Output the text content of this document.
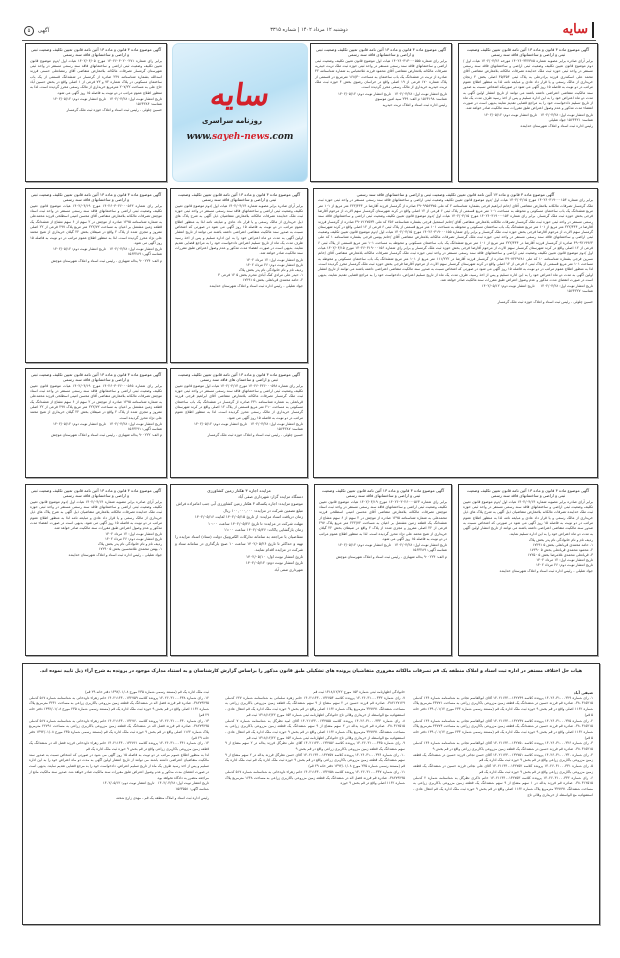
سایه
دوشنبه ۱۲ مرداد ۱۴۰۲ | شماره ۳۳۱۵
آگهی ۵
آگهی موضوع ماده ۳ قانون و ماده ۱۳ آئین نامه قانون تعیین تکلیف وضعیت ثبتی و اراضی و ساختمانهای فاقد سند رسمی
برابر آرای صادره برابر مصوبه شماره ۱۴۰۲۶۰۳۲۲۳۸۵ مورخه ۱۴۰۲/۰۴/۲۶ هیات اول /دوم موضوع قانون تعیین تکلیف وضعیت ثبتی اراضی و ساختمانهای فاقد سند رسمی مستقر در واحد ثبتی حوزه ثبت ملک خداینده تصرفات مالکانه بلامعارض متقاضی آقای محمد علی اسکندری فرزند برادرعلی به پلاک ثبتی ۳۵/۳۵۴ اصلی بخش ۴ زنجان خریداری از مالک رسمی و یا قرار داد عادی و مبایعه نامه لذا به منظور اطلاع عموم مراتب در دو نوبت به فاصله ۱۵ روز آگهی می شود در صورتیکه اشخاص نسبت به صدور سند مالکیت متقاضی اعتراضی داشته باشند می توانند از تاریخ انتشار اولین آگهی به مدت دو ماه اعتراض خود را به این اداره تسلیم و پس از اخذ رسید ظرف مدت یک ماه از تاریخ تسلیم دادخواست خود را به مراجع قضایی تقدیم نمایند بدیهی است در صورت انقضاء مدت مذکور و عدم وصول اعتراض طبق مقررات سند مالکیت صادر خواهد شد.
تاریخ انتشار نوبت اول: ۱۴۰۲/۰۴/۲۸   تاریخ انتشار نوبت دوم: ۱۴۰۲/۰۵/۱۲
شناسه: ۱۵۶۳۴۲۱ جواد شلیلی
رئیس اداره ثبت اسناد و املاک شهرستان خداینده
آگهی موضوع ماده ۳ قانون و ماده ۱۳ آئین نامه قانون تعیین تکلیف وضعیت ثبتی و اراضی و ساختمانهای فاقد سند رسمی
برابر رای شماره ۱۴۰۲۶۰۳۱۳۰۰۰۵۵۵ هیات اول موضوع قانون تعیین تکلیف وضعیت ثبتی اراضی و ساختمانهای فاقد سند رسمی مستقر در واحد ثبتی حوزه ثبت ملک تربت حیدریه تصرفات مالکانه بلامعارض متقاضی آقای محمود فرزند غلامعباس به شماره شناسنامه ۴۲ صادره از تربت در ششدانگ یک باب ساختمان به مساحت ۱۶۸/۳۰ مترمربع در قسمتی از پلاک شماره ۱۷۰ فرعی از ۱۹ اصلی واقع در خراسان رضوی بخش ۴ حوزه ثبت ملک تربت حیدریه خریداری از مالک رسمی محرز گردیده است.
تاریخ انتشار نوبت اول: ۱۴۰۲/۰۴/۲۸   تاریخ انتشار نوبت دوم: ۱۴۰۲/۰۵/۱۲
شناسه: ۱۵۶۳۱۹۸ م الف: ۳۴۹ سید امین موسوی
رئیس اداره ثبت اسناد و املاک تربت حیدریه
سایه
روزنامه سراسری
www.sayeh-news.com
آگهی موضوع ماده ۳ قانون و ماده ۱۳ آئین نامه قانون تعیین تکلیف وضعیت ثبتی و اراضی و ساختمانهای فاقد سند رسمی
برابر رای شماره ۱۴۰۲۶۰۳۰۲۰۰۲۷۱ مورخ ۱۴۰۲/۰۴/۰۵ هیات اول /دوم موضوع قانون تعیین تکلیف وضعیت ثبتی اراضی و ساختمانهای فاقد سند رسمی مستقر در واحد ثبتی شهرستان گرمسار تصرفات مالکانه بلامعارض متقاضی آقای رمضانعلی حسنی فرزند اسدالله بشماره شناسنامه ۲۴۷ صادره از گرمسار در ششدانگ قسمتی از یک باب ساختمان مسکونی در پلاک شماره ۷۲ و ۷۳ فرعی از ۱ اصلی واقع در بخش حسین آباد حاج علی به مساحت ۲۰۷/۲۲ مترمربع خریداری از مالک رسمی محرز گردیده است. لذا به منظور اطلاع عموم مراتب در دو نوبت به فاصله ۱۵ روز آگهی می شود.
تاریخ انتشار نوبت اول: ۱۴۰۲/۰۴/۲۸   تاریخ انتشار نوبت دوم: ۱۴۰۲/۰۵/۱۲
شناسه: ۱۵۶۳۲۸۴
حسین چلوئی - رئیس ثبت اسناد و املاک حوزه ثبت ملک گرمسار
آگهی موضوع ماده ۳ قانون و ماده ۱۳ آئین نامه قانون تعیین تکلیف وضعیت ثبتی و اراضی و ساختمانهای فاقد سند رسمی
برابر رای شماره ۱۴۰۲۶۰۳۱۹۰۰۰۱۵۴ مورخ ۱۴۰۲/۰۴/۱۵ هیات اول /دوم موضوع قانون تعیین تکلیف وضعیت ثبتی اراضی و ساختمانهای فاقد سند رسمی مستقر در واحد ثبتی حوزه ثبت ملک گرمسار تصرفات مالکانه بلامعارض متقاضی آقای /خانم ابراهیم فرجی بشماره شناسنامه ۲ کد ملی ۴۹۰۹۹۵۶۳۷۵ صادره از گرمسار فرزند آقارضا در ۲۲۲/۴۴۴ متر مربع از ۱۰۱ متر مربع ششدانگ یک باب ساختمان مسکونی و محوطه به مساحت ۱۰۱ متر مربع قسمتی از پلاک ثبتی ۶ فرعی از ۱۲ اصلی واقع در کرند شهرستان گرمسار سهم الارث از مرحوم آقارضا فرجی بخش حوزه ثبت ملک گرمسار. برابر رای شماره ۱۴۰۲۶۰۳۱۹۰۰۰۱۵۴ مورخ ۱۴۰۲/۰۴/۱۵ هیات اول /دوم موضوع قانون تعیین تکلیف وضعیت ثبتی اراضی و ساختمانهای فاقد سند رسمی مستقر در واحد ثبتی حوزه ثبت ملک گرمسار تصرفات مالکانه بلامعارض متقاضی آقای /خانم اسمعیل فرجی بشماره شناسنامه ۲۵۶ کد ملی ۴۹۰۷۱۲۷۵۳۴ صادره از گرمسار فرزند آقارضا در ۲۲۲/۴۴۴ متر مربع از ۱۰۱ متر مربع ششدانگ یک باب ساختمان مسکونی و محوطه به مساحت ۱۰۱ متر مربع قسمتی از پلاک ثبتی ۶ فرعی از ۱۲ اصلی واقع در کرند شهرستان گرمسار سهم الارث از مرحوم آقارضا فرجی بخش حوزه ثبت ملک گرمسار و برابر رای شماره ۱۴۰۲۶۰۳۱۹۰۰۰۱۵۵ مورخ ۱۴۰۲/۰۴/۱۵ هیات اول /دوم موضوع قانون تعیین تکلیف وضعیت ثبتی اراضی و ساختمانهای فاقد سند رسمی مستقر در واحد ثبتی حوزه ثبت ملک گرمسار تصرفات مالکانه بلامعارض متقاضی آقای /خانم یونس فرجی بشماره شناسنامه ۱ کد ملی ۴۹۰۹۲۱۹۹۶۳ صادره از گرمسار فرزند آقارضا در ۲۲۲/۴۴۴ متر مربع از ۱۰۱ متر مربع ششدانگ یک باب ساختمان مسکونی و محوطه به مساحت ۱۰۱ متر مربع قسمتی از پلاک ثبتی ۶ فرعی از ۱۲ اصلی واقع در کرند شهرستان گرمسار سهم الارث از مرحوم آقارضا فرجی بخش حوزه ثبت ملک گرمسار و برابر رای شماره ۱۴۰۲۶۰۳۱۹۰۰۰۱۵۶ مورخ ۱۴۰۲/۰۴/۱۵ هیات اول /دوم موضوع قانون تعیین تکلیف وضعیت ثبتی اراضی و ساختمانهای فاقد سند رسمی مستقر در واحد ثبتی حوزه ثبت ملک گرمسار تصرفات مالکانه بلامعارض متقاضی آقای /خانم نسرین فرجی بشماره شناسنامه ۱۰ کد ملی ۴۹۰۷۲۲۹۶۸۱ صادره از گرمسار فرزند آقارضا در ۱۱۱/۲۲۲ متر مربع از ۱۰۱ متر مربع ششدانگ یک باب ساختمان مسکونی و محوطه به مساحت ۱۰۱ متر مربع قسمتی از پلاک ثبتی ۶ فرعی از ۱۲ اصلی واقع در کرند شهرستان گرمسار سهم الارث از مرحوم آقارضا فرجی بخش حوزه ثبت ملک گرمسار محرز گردیده است. لذا به منظور اطلاع عموم مراتب در دو نوبت به فاصله ۱۵ روز آگهی می شود در صورتی که اشخاص نسبت به صدور سند مالکیت متقاضی اعتراضی داشته باشند می توانند از تاریخ انتشار اولین آگهی به مدت دو ماه اعتراض خود را به این اداره تسلیم و پس از اخذ رسید، ظرف مدت یک ماه از تاریخ تسلیم اعتراض، دادخواست خود را به مراجع قضایی تقدیم نمایند، بدیهی است در صورت انقضای مدت مذکور و عدم وصول اعتراض طبق مقررات سند مالکیت صادر خواهد شد.
تاریخ انتشار نوبت اول: ۱۴۰۲/۰۴/۲۸     تاریخ انتشار نوبت دوم: ۱۴۰۲/۰۵/۱۲
شناسه: ۱۵۶۳۲۲۷
حسین چلوئی - رئیس ثبت اسناد و املاک حوزه ثبت ملک گرمسار
آگهی موضوع ماده ۳ قانون و ماده ۱۳ آئین نامه قانون تعیین تکلیف وضعیت ثبتی و اراضی و ساختمانهای فاقد سند رسمی
برابر آرای صادره برابر مصوبه شماره ۱۴۰۲/۰۴/۱۴ هیات اول /دوم موضوع قانون تعیین تکلیف وضعیت ثبتی اراضی و ساختمانهای فاقد سند رسمی مستقر در واحد ثبتی حوزه ثبت ملک خداینده تصرفات مالکانه بلامعارض متقاضیان ذیل آگهی به شرح پلاک های ذیل خریداری از مالک رسمی و یا قرار داد عادی و مبایعه نامه لذا به منظور اطلاع عموم مراتب در دو نوبت به فاصله ۱۵ روز آگهی می شود در صورتی که اشخاص نسبت به صدور سند مالکیت متقاضی اعتراضی داشته باشند می توانند از تاریخ انتشار اولین آگهی به مدت دو ماه اعتراض خود را به این اداره تسلیم و پس از اخذ رسید ظرف مدت یک ماه از تاریخ تسلیم اعتراض دادخواست خود را به مراجع قضایی تقدیم نمایند. بدیهی است در صورت انقضاء مدت مذکور و عدم وصول اعتراض طبق مقررات سند مالکیت صادر خواهد شد.
تاریخ انتشار نوبت اول: ۱۲ مرداد ۱۴۰۲
تاریخ انتشار نوبت دوم: ۲۶ مرداد ۱۴۰۲
ردیف نام و نام خانوادگی نام پدر بخش پلاک
۱- حیدر علی مرادی کنگ آبادی محرم بخش ۵ ۱۲ فرعی ۴
۲- حامد محمدی قربانعلی بخش ۵ ۱۷۲۹۱
جواد شلیلی - رئیس اداره ثبت اسناد و املاک شهرستان خداینده
آگهی موضوع ماده ۳ قانون و ماده ۱۳ آئین نامه قانون تعیین تکلیف وضعیت ثبتی و اراضی و ساختمانهای فاقد سند رسمی
برابر رای شماره ۱۴۰۲۶۰۳۰۲۶۰۰۰۵۶۳ مورخ ۱۴۰۲/۰۴/۱۹ هیات موضوع قانون تعیین تکلیف وضعیت ثبتی اراضی و ساختمانهای فاقد سند رسمی مستقر در واحد ثبت اسناد موچش تصرفات مالکانه بلامعارض متقاضی آقای محسن امینی اسطلخی فرزند محمدعلی به شماره شناسنامه ۱۲۹۵ صادره از موچش در ۲ سهم از ۶ سهم مشاع از ششدانگ یک قطعه زمین مشتمل بر اعیان به مساحت ۲۲۲/۷۲ متر مربع پلاک ۲۹۷ فرعی از ۲۲ اصلی مفروز و مجزی شده از پلاک ۲ واقع در صیقلان بخش ۲۲ گیلان خریداری از شیخ محمد علی نژاد محرز گردیده است. لذا به منظور اطلاع عموم مراتب در دو نوبت به فاصله ۱۵ روز آگهی می شود.
تاریخ انتشار نوبت اول: ۱۴۰۲/۰۴/۲۸   تاریخ انتشار نوبت دوم: ۱۴۰۲/۰۵/۱۲
شناسه آگهی: ۱۵۶۳۲۸۹
م الف: ۹۰۰۲۲۴ یداله شهبازی - رئیس ثبت اسناد و املاک شهرستان موچش
آگهی موضوع ماده ۳ قانون و ماده ۱۳ آئین نامه قانون تعیین تکلیف وضعیت ثبتی و اراضی و ساختمان های فاقد سند رسمی
برابر رای شماره ۱۴۰۲۶۰۳۲۶۰۰۰۵۹۸ مورخ ۱۴۰۲/۰۴/۱۴ هیات اول موضوع قانون تعیین تکلیف وضعیت ثبتی اراضی و ساختمانهای فاقد سند رسمی مستقر در واحد ثبتی حوزه ثبت ملک گرمسار تصرفات مالکانه بلامعارض متقاضی آقای ابراهیم فرجی فرزند قربانعلی به شماره شناسنامه ۲۳۱ صادره از گرمسار در ششدانگ یک باب ساختمان مسکونی به مساحت ۲۱۰ متر مربع قسمتی از پلاک ۱۲ اصلی واقع در کرند شهرستان گرمسار خریداری از مالک رسمی محرز گردیده است. لذا به منظور اطلاع عموم مراتب در دو نوبت به فاصله ۱۵ روز آگهی می شود.
تاریخ انتشار نوبت اول: ۱۴۰۲/۰۴/۲۸   تاریخ انتشار نوبت دوم: ۱۴۰۲/۰۵/۱۲
شناسه: ۱۵۶۳۲۸۷
حسین چلوئی - رئیس ثبت اسناد و املاک حوزه ثبت ملک گرمسار
آگهی موضوع ماده ۳ قانون و ماده ۱۳ آئین نامه قانون تعیین تکلیف وضعیت ثبتی و اراضی و ساختمانهای فاقد سند رسمی
برابر رای شماره ۱۴۰۲۶۰۳۰۲۶۰۰۰۵۶۵ مورخ ۱۴۰۲/۰۴/۱۹ هیات موضوع قانون تعیین تکلیف وضعیت ثبتی اراضی و ساختمانهای فاقد سند رسمی مستقر در واحد ثبت اسناد موچش تصرفات مالکانه بلامعارض متقاضی آقای محسن امینی اسطلخی فرزند محمدعلی به شماره شناسنامه ۱۲۹۵ صادره از موچش در ۲ سهم از ۶ سهم مشاع از ششدانگ یک قطعه زمین مشتمل بر اعیان به مساحت ۲۲۲/۷۲ متر مربع پلاک ۲۹۷ فرعی از ۲۲ اصلی مفروز و مجزی شده از پلاک ۲ واقع در صیقلان بخش ۲۲ گیلان خریداری از شیخ محمد علی نژاد محرز گردیده است.
تاریخ انتشار نوبت اول: ۱۴۰۲/۰۴/۲۸   تاریخ انتشار نوبت دوم: ۱۴۰۲/۰۵/۱۲
شناسه آگهی: ۱۵۶۳۲۹۱
م الف: ۹۰۰۲۲۲ یداله شهبازی - رئیس ثبت اسناد و املاک شهرستان موچش
آگهی موضوع ماده ۳ قانون و ماده ۱۳ آئین نامه قانون تعیین تکلیف وضعیت ثبتی و اراضی و ساختمانهای فاقد سند رسمی
برابر آرای صادره برابر مصوبه شماره ۱۴۰۲/۰۴/۱۴ هیات اول /دوم موضوع قانون تعیین تکلیف وضعیت ثبتی اراضی و ساختمانهای فاقد سند رسمی مستقر در واحد ثبتی حوزه ثبت ملک خداینده تصرفات مالکانه بلامعارض متقاضیان ذیل آگهی به شرح پلاک های ذیل خریداری از مالک رسمی و یا قرار داد عادی و مبایعه نامه لذا به منظور اطلاع عموم مراتب در دو نوبت به فاصله ۱۵ روز آگهی می شود در صورتی که اشخاص نسبت به صدور سند مالکیت متقاضی اعتراضی داشته باشند می توانند از تاریخ انتشار اولین آگهی به مدت دو ماه اعتراض خود را به این اداره تسلیم نمایند.
ردیف نام و نام خانوادگی نام پدر بخش پلاک
۱- حامد محمدی قربانعلی بخش ۵ ۱۷۲۹۱
۲- محمود محمدی قربانعلی بخش ۵ ۱۷۲۹۰
۳- قربانعلی محمدی غلامرضا بخش ۵ ۱۷۲۵۰
تاریخ انتشار نوبت اول: ۱۲ مرداد ۱۴۰۲
تاریخ انتشار نوبت دوم: ۲۶ مرداد ۱۴۰۲
جواد شلیلی - رئیس اداره ثبت اسناد و املاک شهرستان خداینده
آگهی موضوع ماده ۳ قانون و ماده ۱۳ آئین نامه قانون تعیین تکلیف وضعیت ثبتی و اراضی و ساختمانهای فاقد سند رسمی
برابر رای شماره ۱۴۰۲۶۰۳۰۲۶۰۰۰۵۶۳ مورخ ۱۴۰۲/۰۴/۱۹ هیات موضوع قانون تعیین تکلیف وضعیت ثبتی اراضی و ساختمانهای فاقد سند رسمی مستقر در واحد ثبت اسناد موچش تصرفات مالکانه بلامعارض متقاضی آقای محسن امینی اسطلخی فرزند محمدعلی به شماره شناسنامه ۱۲۹۵ صادره از موچش در ۲ سهم از ۶ سهم مشاع از ششدانگ یک قطعه زمین مشتمل بر اعیان به مساحت ۲۲۲/۷۲ متر مربع پلاک ۲۹۷ فرعی از ۲۲ اصلی مفروز و مجزی شده از پلاک ۲ واقع در صیقلان بخش ۲۲ گیلان خریداری از شیخ محمد علی نژاد محرز گردیده است. لذا به منظور اطلاع عموم مراتب در دو نوبت به فاصله ۱۵ روز آگهی می شود.
تاریخ انتشار نوبت اول: ۱۴۰۲/۰۴/۲۸   تاریخ انتشار نوبت دوم: ۱۴۰۲/۰۵/۱۲
شناسه آگهی: ۱۵۶۳۲۸۹
م الف: ۹۰۰۲۲۴ یداله شهبازی - رئیس ثبت اسناد و املاک شهرستان موچش
مزایده اجاره ۳ هکتار زمین کشاورزی
دستگاه مزایده گزار: شهرداری صفی آباد
موضوع مزایده: اجاره یکساله ۳ هکتار زمین کشاورزی آبی جنب امامزاده فراش
مبلغ تضمین شرکت در مزایده: ۱۰۰,۰۰۰,۰۰۰ ریال
زمان دریافت اسناد مزایده: از تاریخ ۱۴۰۲/۰۵/۱۵ لغایت ۱۴۰۲/۰۵/۱۶
مهلت شرکت در مزایده: تا تاریخ ۱۴۰۲/۰۵/۲۶ ساعت ۱۰:۰۰
زمان بازگشایی پاکات: ۱۴۰۲/۰۵/۲۶ ساعت ۱۱:۰۰
متقاضیان با مراجعه به سامانه تدارکات الکترونیک دولت (ستاد) اسناد مزایده را تهیه و حداکثر تا تاریخ ۱۴۰۲/۰۵/۲۶ ساعت ۱۰ صبح بارگذاری در سامانه ستاد و شرکت در مزایده اقدام نمایند.
تاریخ انتشار نوبت اول: ۱۴۰۲/۰۵/۱۰
تاریخ انتشار نوبت دوم: ۱۴۰۲/۰۵/۱۲
شهرداری صفی آباد
آگهی موضوع ماده ۳ قانون و ماده ۱۳ آئین نامه قانون تعیین تکلیف وضعیت ثبتی و اراضی و ساختمانهای فاقد سند رسمی
برابر آرای صادره برابر مصوبه شماره ۱۴۰۲/۰۴/۱۴ هیات اول /دوم موضوع قانون تعیین تکلیف وضعیت ثبتی اراضی و ساختمانهای فاقد سند رسمی مستقر در واحد ثبتی حوزه ثبت ملک خداینده تصرفات مالکانه بلامعارض متقاضیان ذیل آگهی به شرح پلاک های ذیل خریداری از مالک رسمی و یا قرار داد عادی و مبایعه نامه لذا به منظور اطلاع عموم مراتب در دو نوبت به فاصله ۱۵ روز آگهی می شود. بدیهی است در صورت انقضاء مدت مذکور و عدم وصول اعتراض طبق مقررات سند مالکیت صادر خواهد شد.
تاریخ انتشار نوبت اول: ۱۲ مرداد ۱۴۰۲
تاریخ انتشار نوبت دوم: ۲۶ مرداد ۱۴۰۲
ردیف نام و نام خانوادگی نام پدر بخش پلاک
۱- بهمن محمدی غلامحسین بخش ۵ ۱۷۲۹۰
جواد شلیلی - رئیس اداره ثبت اسناد و املاک شهرستان خداینده
هیات حل اختلاف مستقر در اداره ثبت اسناد و املاک منطقه یک قم تصرفات مالکانه مفروزی متقاضیان پرونده های تشکیلی طبق قانون مذکور را براساس گزارش کارشناسان و به استناد مدارک موجود در پرونده به شرح آراء ذیل تایید نموده اند.
صیفی آباد
۱. رای شماره ۱۴۰۲۶۰۳۱۰۰۰۳۲۹ پرونده کلاسه ۱۴۰۲۱۱۴۴۰۰۱۳۲۷۴۹ آقای ابوالقاسم نجاتی به شناسنامه شماره ۱۳۶ کدملی ۰۳۸۰۳۱۵۲۱۵ صادره قم فرزند حسین در ششدانگ یک قطعه زمین مزروعی باکاربری زراعی به مساحت ۴۳۷۷۱ مترمربع پلاک شماره ۱۱۶۲ اصلی واقع در قم بخش ۹ حوزه ثبت ملک اداره یک قم (مستند رسمی شماره ۲۳۴ مورخ ۱۳۹۰/۰۱/۱۲ دفتر خانه ۵ قم)
۲. رای شماره ۱۴۰۲۶۰۳۱۰۰۰۳۲۵ پرونده کلاسه ۱۴۰۲۱۱۴۴۰۰۱۳۲۷۴۷ آقای ابوالقاسم نجاتی به شناسنامه شماره ۱۳۶ کدملی ۰۳۸۰۳۱۵۲۱۵ صادره قم فرزند حسین در ششدانگ یک قطعه زمین مزروعی باکاربری زراعی به مساحت ۴۳۷۷۴ مترمربع پلاک شماره ۱۱۶۲ اصلی واقع در قم بخش ۹ حوزه ثبت ملک اداره یک قم (مستند رسمی شماره ۲۳۴ مورخ ۱۳۹۰/۰۱/۱۲ دفتر خانه ۵ قم)
۳. رای شماره ۱۴۰۲۶۰۳۱۰۰۰۳۲۶ پرونده کلاسه ۱۴۰۲۱۱۴۴۰۰۱۳۲۷۵۰ آقای ابوالقاسم نجاتی به شناسنامه شماره ۱۳۶ کدملی ۰۳۸۰۳۱۵۲۱۵ صادره قم فرزند حسین در ششدانگ یک قطعه زمین مزروعی باکاربری زراعی واقع در قم بخش ۹
۴. رای شماره ۱۴۰۲۶۰۳۱۰۰۰۳۳۰ پرونده کلاسه ۱۴۰۲۱۱۴۴۰۰۱۳۲۷۵۱ آقای حسن نجاتی فرزند حسین در ششدانگ یک قطعه زمین مزروعی باکاربری زراعی واقع در قم بخش ۹ حوزه ثبت ملک اداره یک قم
۵. رای شماره ۱۴۰۲۶۰۳۱۰۰۰۳۳۱ پرونده کلاسه ۱۴۰۲۱۱۴۴۰۰۱۳۲۷۵۲ آقای علی نجاتی فرزند حسین در ششدانگ یک قطعه زمین مزروعی باکاربری زراعی واقع در قم بخش ۹ حوزه ثبت ملک اداره یک قم
۶. رای شماره ۱۴۰۲۶۰۳۱۰۰۰۳۳۲ پرونده کلاسه ۱۴۰۲۱۱۴۴۰۰۱۳۲۷۵۳ خانم ذاکری نظرگل به شناسنامه شماره ۲ کدملی ۰۳۸۰۳۱۲۵۱۵ صادره قم فرزند یداله در ۱ سهم مشاع از ۹ سهم ششدانگ یک قطعه زمین مزروعی باکاربری زراعی به مساحت ششدانگ ۳۲۷۷۹۱ مترمربع پلاک شماره ۱۱۶۲ اصلی واقع در قم بخش ۹ حوزه ثبت ملک اداره یک قم انتقال عادی - استشهادیه مع الواسطه از خریداری وقائی تاج
خانوادگی اظهارنامه ثبتی شماره ۱۵۳ مورخ ۱۳۱۸/۱۲/۲۲ ثبت قم
۷. رای شماره ۱۴۰۲۶۰۳۱۰۰۰۳۳۳ پرونده کلاسه ۱۴۰۲۱۱۴۴۰۰۱۳۲۷۵۴ خانم زهره سلمانی به شناسنامه شماره ۶۲۷ کدملی ۰۳۸۲۱۲۷۱۲۹ صادره قم فرزند حسین در ۲ سهم مشاع از ۹ سهم ششدانگ یک قطعه زمین مزروعی باکاربری زراعی به مساحت ششدانگ ۳۲۷۷۹۱ مترمربع پلاک شماره ۱۱۶۲ اصلی واقع در قم بخش ۹ حوزه ثبت ملک اداره یک قم انتقال عادی - استشهادیه مع الواسطه از خریداری وقائی تاج خانوادگی اظهارنامه ثبتی شماره ۱۵۳ مورخ ۱۳۱۸/۱۲/۲۲ ثبت قم
۸. رای شماره ۱۴۰۲۶۰۳۱۰۰۰۳۳۴ پرونده کلاسه ۱۴۰۲۱۱۴۴۰۰۱۳۲۷۵۵ آقای امید نظرگل به شناسنامه شماره ۷ کدملی ۰۳۸۰۳۱۲۵۱۵ صادره قم فرزند یداله در ۲ سهم مشاع از ۹ سهم ششدانگ یک قطعه زمین مزروعی باکاربری زراعی به مساحت ششدانگ ۳۲۷۷۹۱ مترمربع پلاک شماره ۱۱۶۲ اصلی واقع در قم بخش ۹ حوزه ثبت ملک اداره یک قم انتقال عادی - استشهادیه مع الواسطه از خریداری وقائی تاج خانوادگی اظهارنامه ثبتی شماره ۱۵۳ مورخ ۱۳۱۸/۱۲/۲۲ ثبت قم
۹. رای شماره ۱۴۰۲۶۰۳۱۰۰۰۳۳۵ پرونده کلاسه ۱۴۰۲۱۱۴۴۰۰۱۳۲۷۵۶ آقای علی نظرگل فرزند یداله در ۲ سهم مشاع از ۹ سهم ششدانگ یک قطعه زمین مزروعی باکاربری زراعی واقع در قم بخش ۹
۱۰. رای شماره ۱۴۰۲۶۰۳۱۰۰۰۳۳۶ پرونده کلاسه ۱۴۰۲۱۱۴۴۰۰۱۳۲۷۵۷ آقای حسن نظرگل فرزند یداله در ۲ سهم مشاع از ۹ سهم ششدانگ یک قطعه زمین مزروعی باکاربری زراعی واقع در قم بخش ۹ حوزه ثبت ملک اداره یک قم ثبت ملک اداره یک قم (مستند رسمی شماره ۲۳۵ مورخ ۱۳۹۲/۰۱/۰۸ دفتر خانه ۲۹ قم)
۱۱. رای شماره ۱۴۰۲۶۰۳۱۰۰۰۳۳۷ پرونده کلاسه ۱۴۰۲۱۱۴۴۰۰۱۳۲۷۵۸ خانم زهراء داودخانی به شناسنامه شماره ۵۱۷ کدملی ۰۳۸۲۷۹۲۹۵ صادره قم فرزند فضل اله در ششدانگ یک قطعه زمین مزروعی باکاربری زراعی به مساحت ۱۶۴۸ مترمربع پلاک شماره ۱۱۶۲ اصلی واقع در قم بخش ۹ حوزه
ثبت ملک اداره یک قم (مستند رسمی شماره ۲۳۵ مورخ ۱۳۹۲/۰۱/۰۸ دفتر خانه ۲۹ قم)
۱۲. رای شماره ۱۴۰۲۶۰۳۱۰۰۰۳۳۸ پرونده کلاسه ۱۴۰۲۱۱۴۴۰۰۱۳۲۷۵۹ خانم زهراء داودخانی به شناسنامه شماره ۵۱۷ کدملی ۰۳۸۲۷۹۲۹۵ صادره قم فرزند فضل اله در ششدانگ یک قطعه زمین مزروعی باکاربری زراعی به مساحت ۳۲۴۱ مترمربع پلاک شماره ۱۱۶۲ اصلی واقع در قم بخش ۹ حوزه ثبت ملک اداره یک قم (مستند رسمی شماره ۲۳۵ مورخ ۱۳۹۲/۰۱/۰۸ دفتر خانه ۲۹ قم)
۱۳. رای شماره ۱۴۰۲۶۰۳۱۰۰۰۳۴۰ پرونده کلاسه ۱۴۰۲۱۱۴۴۰۰۱۳۲۷۶۰ خانم زهراء داودخانی به شناسنامه شماره ۵۱۷ کدملی ۰۳۸۲۷۹۲۹۵ صادره قم فرزند فضل اله در ششدانگ یک قطعه زمین مزروعی باکاربری زراعی به مساحت ۲۲۷۹۱ مترمربع پلاک شماره ۱۱۶۲ اصلی واقع در قم بخش ۹ حوزه ثبت ملک اداره یک قم (مستند رسمی شماره ۲۳۵ مورخ ۱۳۹۲/۰۱/۰۸ دفتر خانه ۲۹ قم)
۱۴. رای شماره ۱۴۰۲۶۰۳۱۰۰۰۳۴۱ پرونده کلاسه ۱۴۰۲۱۱۴۴۰۰۱۳۲۷۶۱ خانم زهراء داودخانی فرزند فضل اله در ششدانگ یک قطعه زمین مزروعی باکاربری زراعی واقع در قم بخش ۹ حوزه ثبت ملک اداره یک قم
لذا به منظور اطلاع عموم مراتب در دو نوبت به فاصله ۱۵ روز آگهی می شود در صورتی که اشخاص نسبت به صدور سند مالکیت متقاضیان اعتراضی داشته باشند می توانند از تاریخ انتشار اولین آگهی به مدت دو ماه اعتراض خود را به این اداره تسلیم و پس از اخذ رسید ظرف یک ماه از تاریخ تسلیم اعتراض، دادخواست خود را به مرجع قضایی تقدیم نمایند. بدیهی است در صورت انقضای مدت مذکور و عدم وصول اعتراض طبق مقررات سند مالکیت صادر خواهد شد. صدور سند مالکیت مانع از مراجعه متضرر به دادگاه نخواهد بود.
تاریخ انتشار نوبت اول: ۱۴۰۲/۰۴/۲۸   تاریخ انتشار نوبت دوم: ۱۴۰۲/۰۵/۱۲
شناسه آگهی: ۱۵۶۳۵۵۱
رئیس اداره ثبت اسناد و املاک منطقه یک قم - مهدی زارع شحنه
